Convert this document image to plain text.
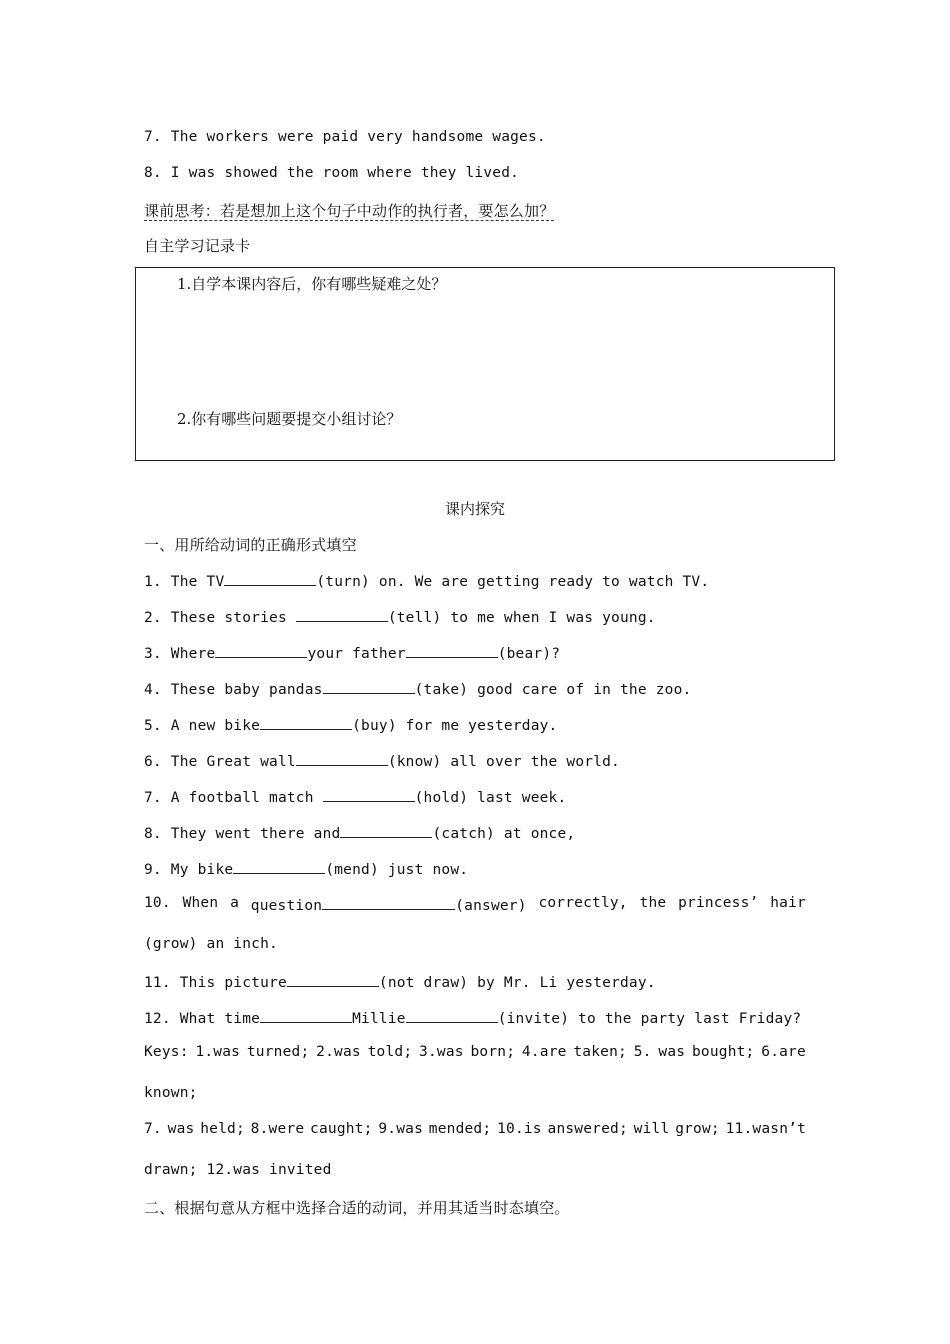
7. The workers were paid very handsome wages.
8. I was showed the room where they lived.
课前思考：若是想加上这个句子中动作的执行者，要怎么加？
自主学习记录卡
1.自学本课内容后，你有哪些疑难之处？
2.你有哪些问题要提交小组讨论？
课内探究
一、用所给动词的正确形式填空
1. The TV	(turn) on. We are getting ready to watch TV.
2. These stories	(tell) to me when I was young.
3. Where	your father	(bear)?
4. These baby pandas	(take) good care of in the zoo.
5. A new bike	(buy) for me yesterday.
6. The Great wall	(know) all over the world.
7. A football match	(hold) last week.
8. They went there and	(catch) at once,
9. My bike	(mend) just now.
10. When a question	(answer) correctly, the princess’ hair
(grow) an inch.
11. This picture	(not draw) by Mr. Li yesterday.
12. What time	Millie	(invite) to the party last Friday?
Keys: 1.was turned; 2.was told; 3.was born; 4.are taken; 5. was bought; 6.are
known;
7. was held; 8.were caught; 9.was mended; 10.is answered; will grow; 11.wasn’t
drawn; 12.was invited
二、根据句意从方框中选择合适的动词，并用其适当时态填空。
